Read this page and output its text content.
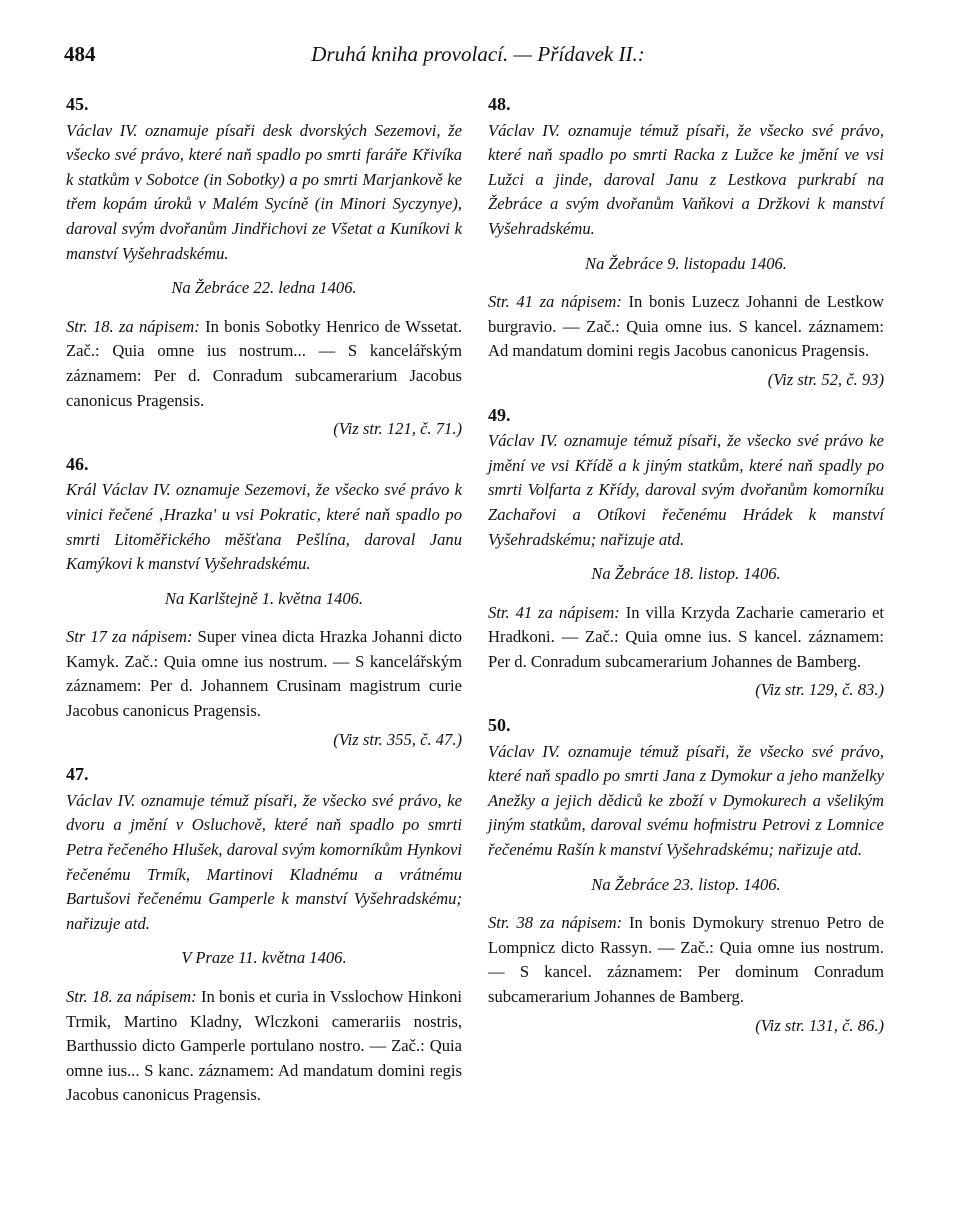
484	Druhá kniha provolací. — Přídavek II.:

45.

Václav IV. oznamuje písaři desk dvorských Sezemovi, že všecko své právo, které naň spadlo po smrti faráře Křivíka k statkům v Sobotce (in Sobotky) a po smrti Marjankově ke třem kopám úroků v Malém Sycíně (in Minori Syczynye), daroval svým dvořanům Jindřichovi ze Všetat a Kuníkovi k manství Vyšehradskému.

Na Žebráce 22. ledna 1406.

Str. 18. za nápisem: In bonis Sobotky Henrico de Wssetat. Zač.: Quia omne ius nostrum... — S kancelářským záznamem: Per d. Conradum subcamerarium Jacobus canonicus Pragensis.

(Viz str. 121, č. 71.)

46.

Král Václav IV. oznamuje Sezemovi, že všecko své právo k vinici řečené ‚Hrazka' u vsi Pokratic, které naň spadlo po smrti Litoměřického měšťana Pešlína, daroval Janu Kamýkovi k manství Vyšehradskému.

Na Karlštejně 1. května 1406.

Str 17 za nápisem: Super vinea dicta Hrazka Johanni dicto Kamyk. Zač.: Quia omne ius nostrum. — S kancelářským záznamem: Per d. Johannem Crusinam magistrum curie Jacobus canonicus Pragensis.

(Viz str. 355, č. 47.)

47.

Václav IV. oznamuje témuž písaři, že všecko své právo, ke dvoru a jmění v Osluchově, které naň spadlo po smrti Petra řečeného Hlušek, daroval svým komorníkům Hynkovi řečenému Trmík, Martinovi Kladnému a vrátnému Bartušovi řečenému Gamperle k manství Vyšehradskému; nařizuje atd.

V Praze 11. května 1406.

Str. 18. za nápisem: In bonis et curia in Vsslochow Hinkoni Trmik, Martino Kladny, Wlczkoni camerariis nostris, Barthussio dicto Gamperle portulano nostro. — Zač.: Quia omne ius... S kanc. záznamem: Ad mandatum domini regis Jacobus canonicus Pragensis.

48.

Václav IV. oznamuje témuž písaři, že všecko své právo, které naň spadlo po smrti Racka z Lužce ke jmění ve vsi Lužci a jinde, daroval Janu z Lestkova purkrabí na Žebráce a svým dvořanům Vaňkovi a Držkovi k manství Vyšehradskému.

Na Žebráce 9. listopadu 1406.

Str. 41 za nápisem: In bonis Luzecz Johanni de Lestkow burgravio. — Zač.: Quia omne ius. S kancel. záznamem: Ad mandatum domini regis Jacobus canonicus Pragensis.

(Viz str. 52, č. 93)

49.

Václav IV. oznamuje témuž písaři, že všecko své právo ke jmění ve vsi Křídě a k jiným statkům, které naň spadly po smrti Volfarta z Křídy, daroval svým dvořanům komorníku Zachařovi a Otíkovi řečenému Hrádek k manství Vyšehradskému; nařizuje atd.

Na Žebráce 18. listop. 1406.

Str. 41 za nápisem: In villa Krzyda Zacharie camerario et Hradkoni. — Zač.: Quia omne ius. S kancel. záznamem: Per d. Conradum subcamerarium Johannes de Bamberg.

(Viz str. 129, č. 83.)

50.

Václav IV. oznamuje témuž písaři, že všecko své právo, které naň spadlo po smrti Jana z Dymokur a jeho manželky Anežky a jejich dědiců ke zboží v Dymokurech a všelikým jiným statkům, daroval svému hofmistru Petrovi z Lomnice řečenému Rašín k manství Vyšehradskému; nařizuje atd.

Na Žebráce 23. listop. 1406.

Str. 38 za nápisem: In bonis Dymokury strenuo Petro de Lompnicz dicto Rassyn. — Zač.: Quia omne ius nostrum. — S kancel. záznamem: Per dominum Conradum subcamerarium Johannes de Bamberg.

(Viz str. 131, č. 86.)
